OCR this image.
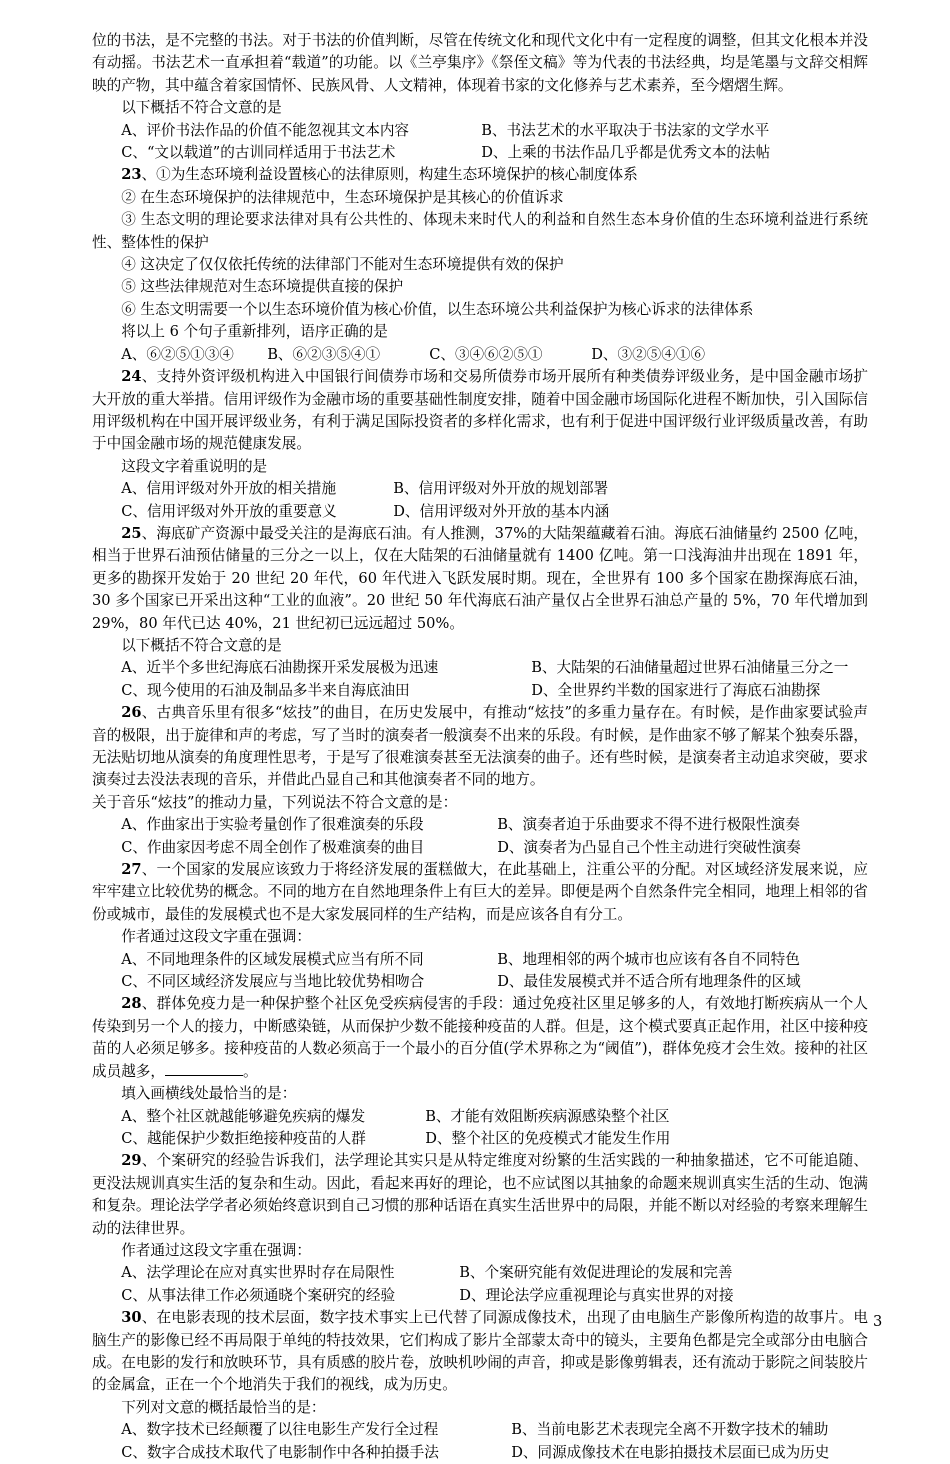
位的书法，是不完整的书法。对于书法的价值判断，尽管在传统文化和现代文化中有一定程度的调整，但其文化根本并没有动摇。书法艺术一直承担着“载道”的功能。以《兰亭集序》《祭侄文稿》等为代表的书法经典，均是笔墨与文辞交相辉映的产物，其中蕴含着家国情怀、民族风骨、人文精神，体现着书家的文化修养与艺术素养，至今熠熠生辉。

以下概括不符合文意的是

A、评价书法作品的价值不能忽视其文本内容	B、书法艺术的水平取决于书法家的文学水平
C、“文以载道”的古训同样适用于书法艺术	D、上乘的书法作品几乎都是优秀文本的法帖

23、①为生态环境利益设置核心的法律原则，构建生态环境保护的核心制度体系

② 在生态环境保护的法律规范中，生态环境保护是其核心的价值诉求

③ 生态文明的理论要求法律对具有公共性的、体现未来时代人的利益和自然生态本身价值的生态环境利益进行系统性、整体性的保护

④ 这决定了仅仅依托传统的法律部门不能对生态环境提供有效的保护

⑤ 这些法律规范对生态环境提供直接的保护

⑥ 生态文明需要一个以生态环境价值为核心价值，以生态环境公共利益保护为核心诉求的法律体系

将以上 6 个句子重新排列，语序正确的是

A、⑥②⑤①③④	B、⑥②③⑤④①	C、③④⑥②⑤①	D、③②⑤④①⑥

24、支持外资评级机构进入中国银行间债券市场和交易所债券市场开展所有种类债券评级业务，是中国金融市场扩大开放的重大举措。信用评级作为金融市场的重要基础性制度安排，随着中国金融市场国际化进程不断加快，引入国际信用评级机构在中国开展评级业务，有利于满足国际投资者的多样化需求，也有利于促进中国评级行业评级质量改善，有助于中国金融市场的规范健康发展。

这段文字着重说明的是

A、信用评级对外开放的相关措施	B、信用评级对外开放的规划部署
C、信用评级对外开放的重要意义	D、信用评级对外开放的基本内涵

25、海底矿产资源中最受关注的是海底石油。有人推测，37%的大陆架蕴藏着石油。海底石油储量约 2500 亿吨，相当于世界石油预估储量的三分之一以上，仅在大陆架的石油储量就有 1400 亿吨。第一口浅海油井出现在 1891 年，更多的勘探开发始于 20 世纪 20 年代，60 年代进入飞跃发展时期。现在，全世界有 100 多个国家在勘探海底石油，30 多个国家已开采出这种“工业的血液”。20 世纪 50 年代海底石油产量仅占全世界石油总产量的 5%，70 年代增加到 29%，80 年代已达 40%，21 世纪初已远远超过 50%。

以下概括不符合文意的是

A、近半个多世纪海底石油勘探开采发展极为迅速	B、大陆架的石油储量超过世界石油储量三分之一
C、现今使用的石油及制品多半来自海底油田	D、全世界约半数的国家进行了海底石油勘探

26、古典音乐里有很多“炫技”的曲目，在历史发展中，有推动“炫技”的多重力量存在。有时候，是作曲家要试验声音的极限，出于旋律和声的考虑，写了当时的演奏者一般演奏不出来的乐段。有时候，是作曲家不够了解某个独奏乐器，无法贴切地从演奏的角度理性思考，于是写了很难演奏甚至无法演奏的曲子。还有些时候，是演奏者主动追求突破，要求演奏过去没法表现的音乐，并借此凸显自己和其他演奏者不同的地方。

关于音乐“炫技”的推动力量，下列说法不符合文意的是：

A、作曲家出于实验考量创作了很难演奏的乐段	B、演奏者迫于乐曲要求不得不进行极限性演奏
C、作曲家因考虑不周全创作了极难演奏的曲目	D、演奏者为凸显自己个性主动进行突破性演奏

27、一个国家的发展应该致力于将经济发展的蛋糕做大，在此基础上，注重公平的分配。对区域经济发展来说，应牢牢建立比较优势的概念。不同的地方在自然地理条件上有巨大的差异。即便是两个自然条件完全相同，地理上相邻的省份或城市，最佳的发展模式也不是大家发展同样的生产结构，而是应该各自有分工。

作者通过这段文字重在强调：

A、不同地理条件的区域发展模式应当有所不同	B、地理相邻的两个城市也应该有各自不同特色
C、不同区域经济发展应与当地比较优势相吻合	D、最佳发展模式并不适合所有地理条件的区域

28、群体免疫力是一种保护整个社区免受疾病侵害的手段：通过免疫社区里足够多的人，有效地打断疾病从一个人传染到另一个人的接力，中断感染链，从而保护少数不能接种疫苗的人群。但是，这个模式要真正起作用，社区中接种疫苗的人必须足够多。接种疫苗的人数必须高于一个最小的百分值(学术界称之为“阈值”)，群体免疫才会生效。接种的社区成员越多，	。

填入画横线处最恰当的是：

A、整个社区就越能够避免疾病的爆发	B、才能有效阻断疾病源感染整个社区
C、越能保护少数拒绝接种疫苗的人群	D、整个社区的免疫模式才能发生作用

29、个案研究的经验告诉我们，法学理论其实只是从特定维度对纷繁的生活实践的一种抽象描述，它不可能追随、更没法规训真实生活的复杂和生动。因此，看起来再好的理论，也不应试图以其抽象的命题来规训真实生活的生动、饱满和复杂。理论法学学者必须始终意识到自己习惯的那种话语在真实生活世界中的局限，并能不断以对经验的考察来理解生动的法律世界。

作者通过这段文字重在强调：

A、法学理论在应对真实世界时存在局限性	B、个案研究能有效促进理论的发展和完善
C、从事法律工作必须通晓个案研究的经验	D、理论法学应重视理论与真实世界的对接

30、在电影表现的技术层面，数字技术事实上已代替了同源成像技术，出现了由电脑生产影像所构造的故事片。电脑生产的影像已经不再局限于单纯的特技效果，它们构成了影片全部蒙太奇中的镜头，主要角色都是完全或部分由电脑合成。在电影的发行和放映环节，具有质感的胶片卷，放映机吵闹的声音，抑或是影像剪辑表，还有流动于影院之间装胶片的金属盒，正在一个个地消失于我们的视线，成为历史。

下列对文意的概括最恰当的是：

A、数字技术已经颠覆了以往电影生产发行全过程	B、当前电影艺术表现完全离不开数字技术的辅助
C、数字合成技术取代了电影制作中各种拍摄手法	D、同源成像技术在电影拍摄技术层面已成为历史
3
